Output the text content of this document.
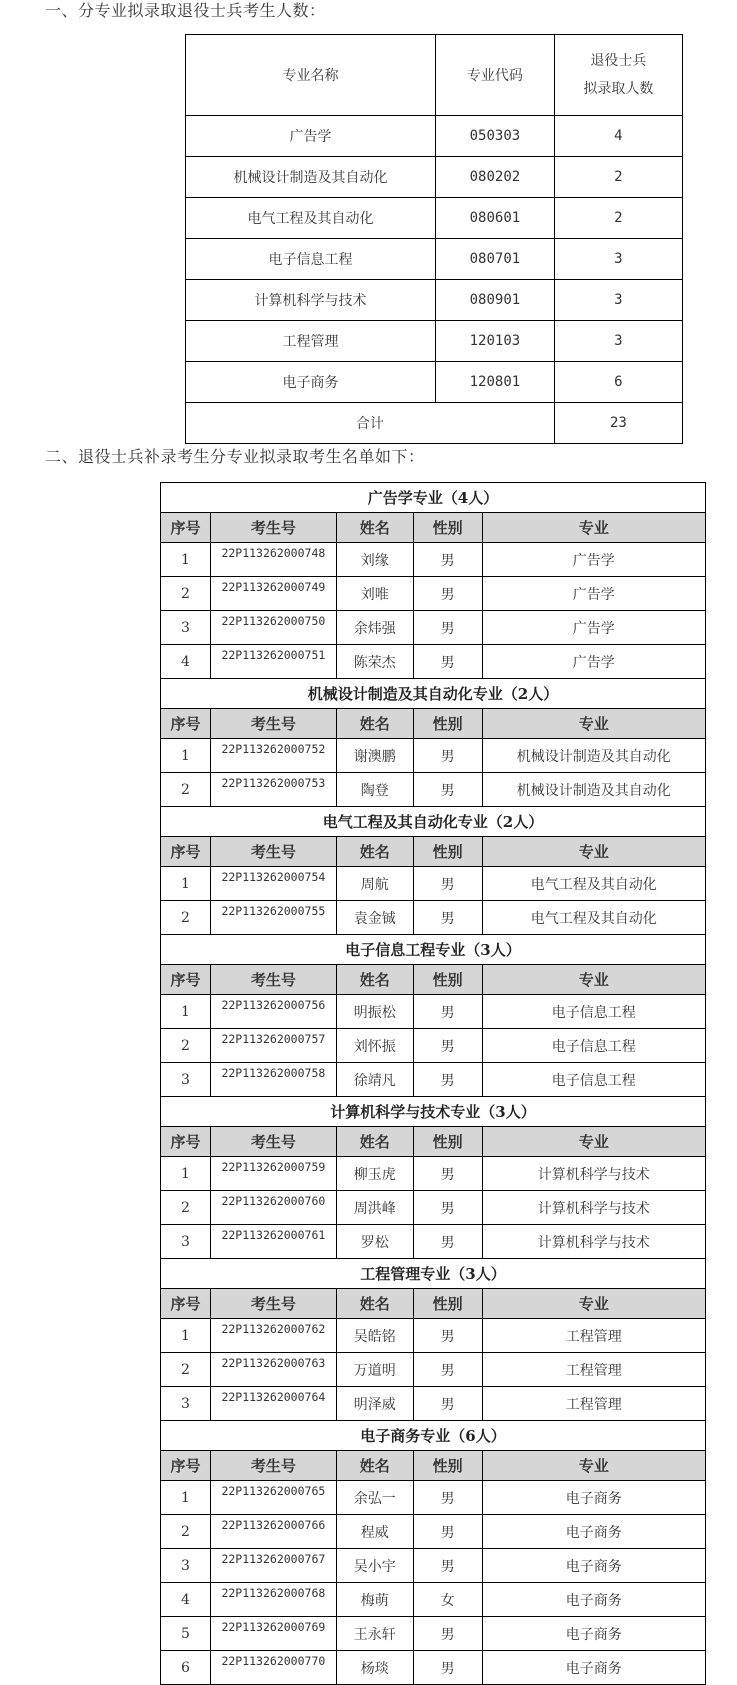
一、分专业拟录取退役士兵考生人数：
专业名称	专业代码	退役士兵
拟录取人数

广告学	050303	4
机械设计制造及其自动化	080202	2
电气工程及其自动化	080601	2
电子信息工程	080701	3
计算机科学与技术	080901	3
工程管理	120103	3
电子商务	120801	6
合计		23
二、退役士兵补录考生分专业拟录取考生名单如下：
广告学专业（4人）				
序号	考生号	姓名	性别	专业
1	22P113262000748	刘缘	男	广告学
2	22P113262000749	刘唯	男	广告学
3	22P113262000750	余炜强	男	广告学
4	22P113262000751	陈荣杰	男	广告学
机械设计制造及其自动化专业（2人）				
序号	考生号	姓名	性别	专业
1	22P113262000752	谢澳鹏	男	机械设计制造及其自动化
2	22P113262000753	陶登	男	机械设计制造及其自动化
电气工程及其自动化专业（2人）				
序号	考生号	姓名	性别	专业
1	22P113262000754	周航	男	电气工程及其自动化
2	22P113262000755	袁金铖	男	电气工程及其自动化
电子信息工程专业（3人）				
序号	考生号	姓名	性别	专业
1	22P113262000756	明振松	男	电子信息工程
2	22P113262000757	刘怀振	男	电子信息工程
3	22P113262000758	徐靖凡	男	电子信息工程
计算机科学与技术专业（3人）				
序号	考生号	姓名	性别	专业
1	22P113262000759	柳玉虎	男	计算机科学与技术
2	22P113262000760	周洪峰	男	计算机科学与技术
3	22P113262000761	罗松	男	计算机科学与技术
工程管理专业（3人）				
序号	考生号	姓名	性别	专业
1	22P113262000762	吴皓铭	男	工程管理
2	22P113262000763	万道明	男	工程管理
3	22P113262000764	明泽威	男	工程管理
电子商务专业（6人）				
序号	考生号	姓名	性别	专业
1	22P113262000765	余弘一	男	电子商务
2	22P113262000766	程威	男	电子商务
3	22P113262000767	吴小宇	男	电子商务
4	22P113262000768	梅萌	女	电子商务
5	22P113262000769	王永轩	男	电子商务
6	22P113262000770	杨琰	男	电子商务
